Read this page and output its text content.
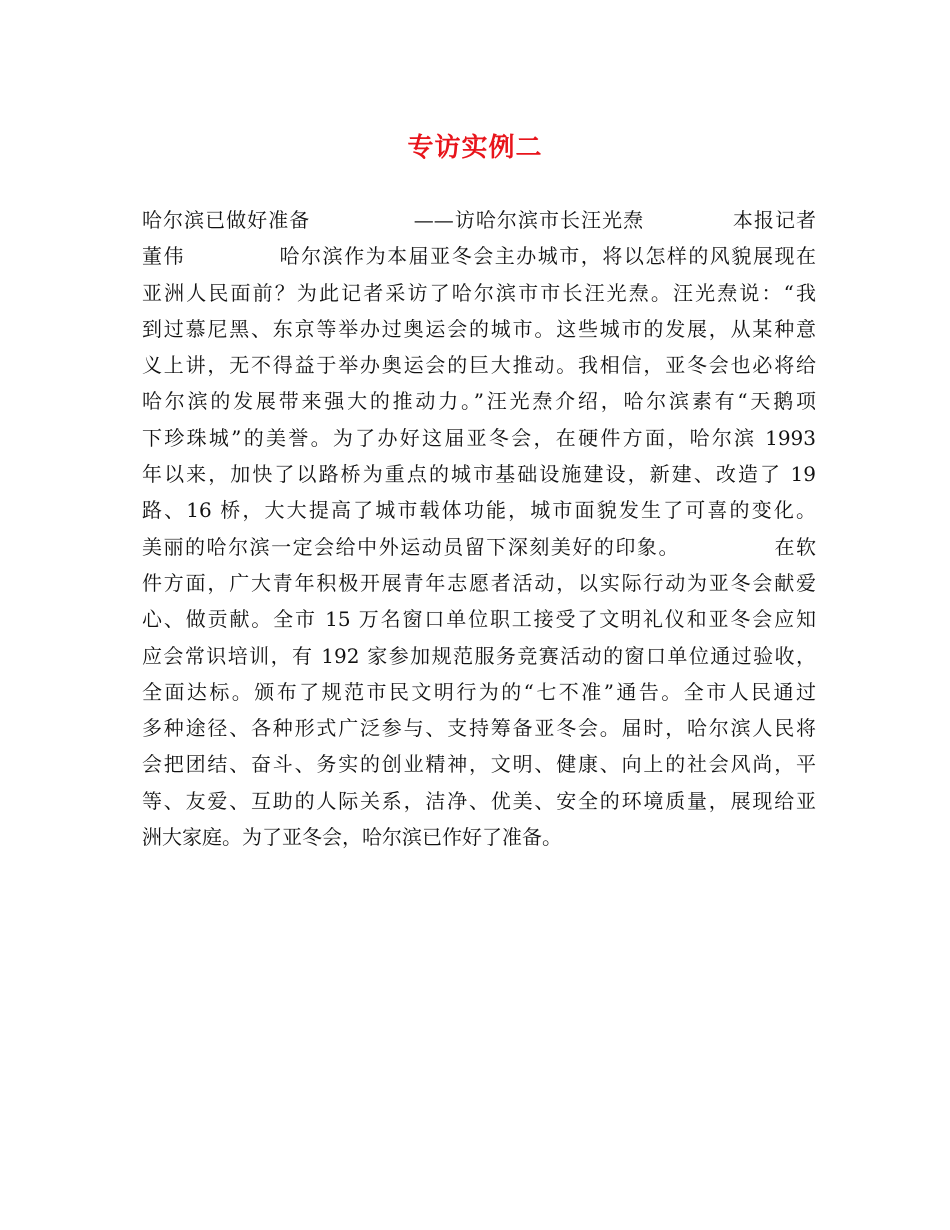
专访实例二
哈尔滨已做好准备              ——访哈尔滨市长汪光焘            本报记者
董伟            哈尔滨作为本届亚冬会主办城市，将以怎样的风貌展现在
亚洲人民面前？为此记者采访了哈尔滨市市长汪光焘。汪光焘说：“我
到过慕尼黑、东京等举办过奥运会的城市。这些城市的发展，从某种意
义上讲，无不得益于举办奥运会的巨大推动。我相信，亚冬会也必将给
哈尔滨的发展带来强大的推动力。”汪光焘介绍，哈尔滨素有“天鹅项
下珍珠城”的美誉。为了办好这届亚冬会，在硬件方面，哈尔滨 1993
年以来，加快了以路桥为重点的城市基础设施建设，新建、改造了 19
路、16 桥，大大提高了城市载体功能，城市面貌发生了可喜的变化。
美丽的哈尔滨一定会给中外运动员留下深刻美好的印象。            在软
件方面，广大青年积极开展青年志愿者活动，以实际行动为亚冬会献爱
心、做贡献。全市 15 万名窗口单位职工接受了文明礼仪和亚冬会应知
应会常识培训，有 192 家参加规范服务竞赛活动的窗口单位通过验收，
全面达标。颁布了规范市民文明行为的“七不准”通告。全市人民通过
多种途径、各种形式广泛参与、支持筹备亚冬会。届时，哈尔滨人民将
会把团结、奋斗、务实的创业精神，文明、健康、向上的社会风尚，平
等、友爱、互助的人际关系，洁净、优美、安全的环境质量，展现给亚
洲大家庭。为了亚冬会，哈尔滨已作好了准备。
